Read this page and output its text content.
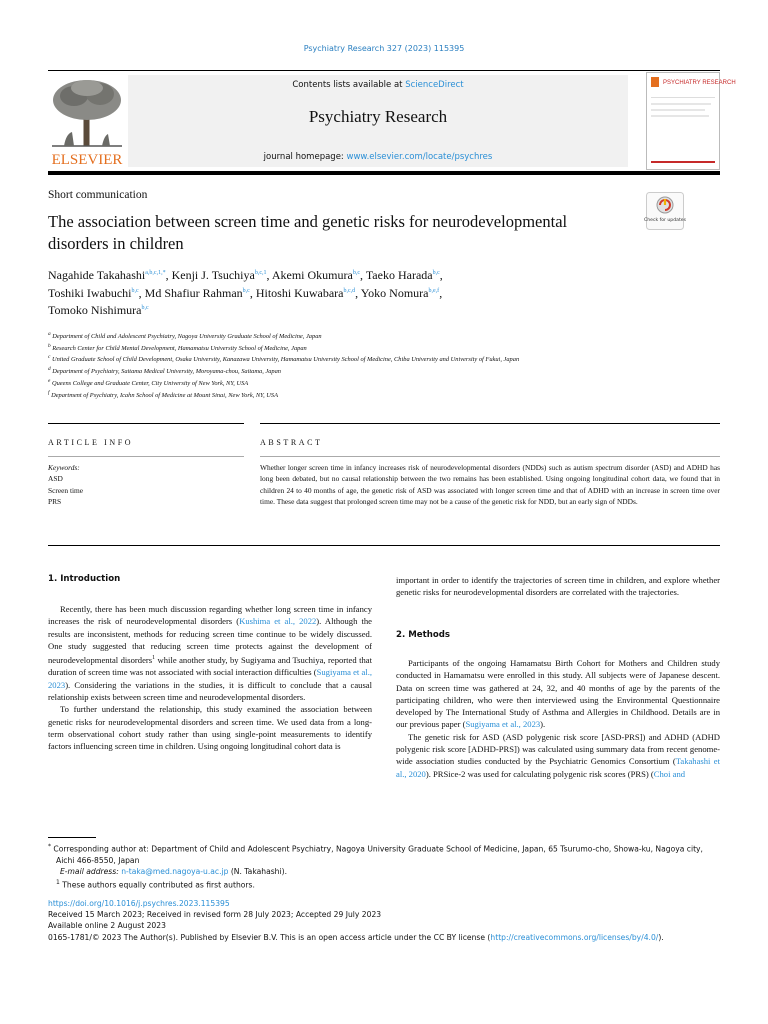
Psychiatry Research 327 (2023) 115395
ELSEVIER
Contents lists available at ScienceDirect
Psychiatry Research
journal homepage: www.elsevier.com/locate/psychres
PSYCHIATRY RESEARCH
Short communication
The association between screen time and genetic risks for neurodevelopmental disorders in children
Check for updates
Nagahide Takahashi$^{a,b,c,1,*}$, Kenji J. Tsuchiya$^{b,c,1}$, Akemi Okumura$^{b,c}$, Taeko Harada$^{b,c}$,
Toshiki Iwabuchi$^{b,c}$, Md Shafiur Rahman$^{b,c}$, Hitoshi Kuwabara$^{b,c,d}$, Yoko Nomura$^{b,e,f}$,
Tomoko Nishimura$^{b,c}$
$^a$ Department of Child and Adolescent Psychiatry, Nagoya University Graduate School of Medicine, Japan
$^b$ Research Center for Child Mental Development, Hamamatsu University School of Medicine, Japan
$^c$ United Graduate School of Child Development, Osaka University, Kanazawa University, Hamamatsu University School of Medicine, Chiba University and University of Fukui, Japan
$^d$ Department of Psychiatry, Saitama Medical University, Moroyama-chou, Saitama, Japan
$^e$ Queens College and Graduate Center, City University of New York, NY, USA
$^f$ Department of Psychiatry, Icahn School of Medicine at Mount Sinai, New York, NY, USA
ARTICLE INFO	ABSTRACT
Keywords:
ASD
Screen time
PRS
Whether longer screen time in infancy increases risk of neurodevelopmental disorders (NDDs) such as autism spectrum disorder (ASD) and ADHD has long been debated, but no causal relationship between the two remains has been established. Using ongoing longitudinal cohort data, we found that in children 24 to 40 months of age, the genetic risk of ASD was associated with longer screen time and that of ADHD with an increase in screen time over time. These data suggest that prolonged screen time may not be a cause of the genetic risk for NDD, but an early sign of NDDs.
1. Introduction

Recently, there has been much discussion regarding whether long screen time in infancy increases the risk of neurodevelopmental disorders (Kushima et al., 2022). Although the results are inconsistent, methods for reducing screen time continue to be widely discussed. One study suggested that reducing screen time protects against the development of neurodevelopmental disorders$^1$ while another study, by Sugiyama and Tsuchiya, reported that duration of screen time was not associated with social interaction difficulties (Sugiyama et al., 2023). Considering the variations in the studies, it is difficult to conclude that a causal relationship exists between screen time and neurodevelopmental disorders.

To further understand the relationship, this study examined the association between genetic risks for neurodevelopmental disorders and screen time. We used data from a long-term observational cohort study rather than using single-point measurements to identify factors influencing screen time in children. Using ongoing longitudinal cohort data is

important in order to identify the trajectories of screen time in children, and explore whether genetic risks for neurodevelopmental disorders are correlated with the trajectories.

2. Methods

Participants of the ongoing Hamamatsu Birth Cohort for Mothers and Children study conducted in Hamamatsu were enrolled in this study. All subjects were of Japanese descent. Data on screen time was gathered at 24, 32, and 40 months of age by the parents of the participating children, who were then interviewed using the Environmental Questionnaire developed by The International Study of Asthma and Allergies in Childhood. Details are in our previous paper (Sugiyama et al., 2023).

The genetic risk for ASD (ASD polygenic risk score [ASD-PRS]) and ADHD (ADHD polygenic risk score [ADHD-PRS]) was calculated using summary data from recent genome-wide association studies conducted by the Psychiatric Genomics Consortium (Takahashi et al., 2020). PRSice-2 was used for calculating polygenic risk scores (PRS) (Choi and

* Corresponding author at: Department of Child and Adolescent Psychiatry, Nagoya University Graduate School of Medicine, Japan, 65 Tsurumo-cho, Showa-ku, Nagoya city, Aichi 466-8550, Japan
E-mail address: n-taka@med.nagoya-u.ac.jp (N. Takahashi).
$^1$ These authors equally contributed as first authors.
https://doi.org/10.1016/j.psychres.2023.115395
Received 15 March 2023; Received in revised form 28 July 2023; Accepted 29 July 2023
Available online 2 August 2023
0165-1781/© 2023 The Author(s). Published by Elsevier B.V. This is an open access article under the CC BY license (http://creativecommons.org/licenses/by/4.0/).
